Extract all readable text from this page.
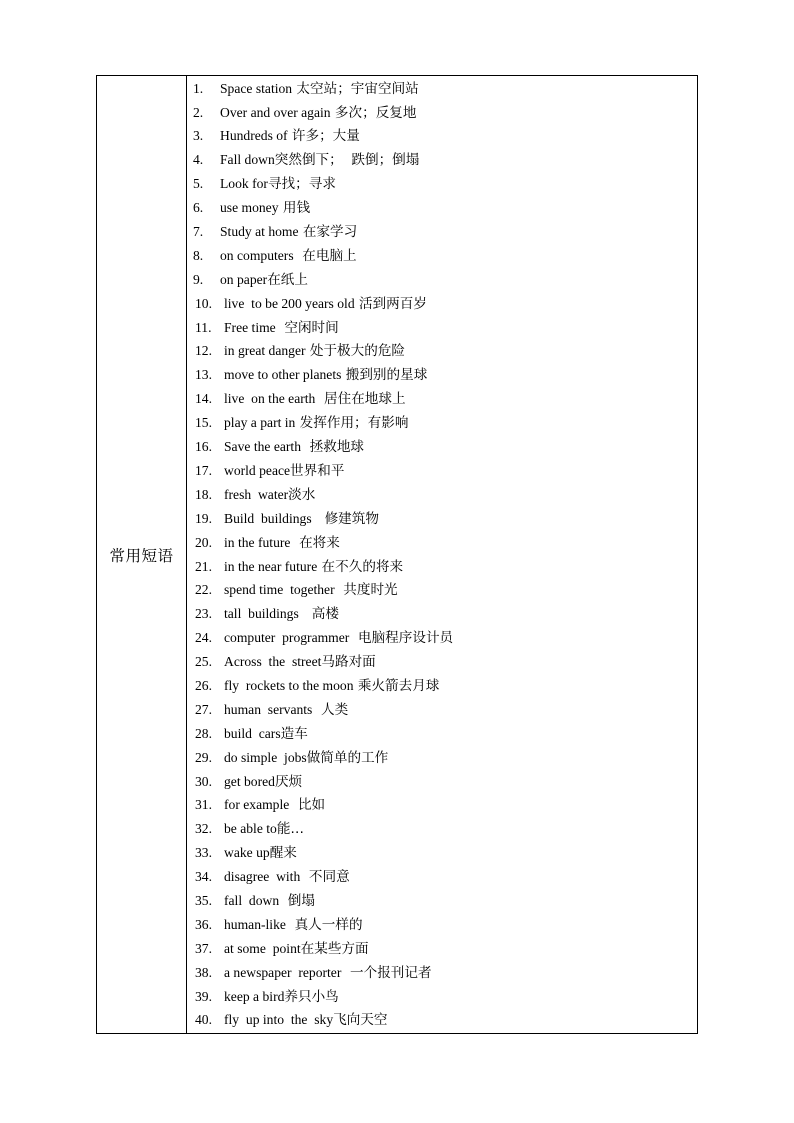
常用短语	
1. Space station 太空站；宇宙空间站
2. Over and over again 多次；反复地
3. Hundreds of 许多；大量
4. Fall down突然倒下；  跌倒；倒塌
5. Look for寻找；寻求
6. use money 用钱
7. Study at home 在家学习
8. on computers  在电脑上
9. on paper在纸上
10. live  to be 200 years old 活到两百岁
11. Free time  空闲时间
12. in great danger 处于极大的危险
13. move to other planets 搬到别的星球
14. live  on the earth  居住在地球上
15. play a part in 发挥作用；有影响
16. Save the earth  拯救地球
17. world peace世界和平
18. fresh  water淡水
19. Build  buildings   修建筑物
20. in the future  在将来
21. in the near future 在不久的将来
22. spend time  together  共度时光
23. tall  buildings   高楼
24. computer  programmer  电脑程序设计员
25. Across  the  street马路对面
26. fly  rockets to the moon 乘火箭去月球
27. human  servants  人类
28. build  cars造车
29. do simple  jobs做简单的工作
30. get bored厌烦
31. for example  比如
32. be able to能…
33. wake up醒来
34. disagree  with  不同意
35. fall  down  倒塌
36. human-like  真人一样的
37. at some  point在某些方面
38. a newspaper  reporter  一个报刊记者
39. keep a bird养只小鸟
40. fly  up into  the  sky飞向天空
